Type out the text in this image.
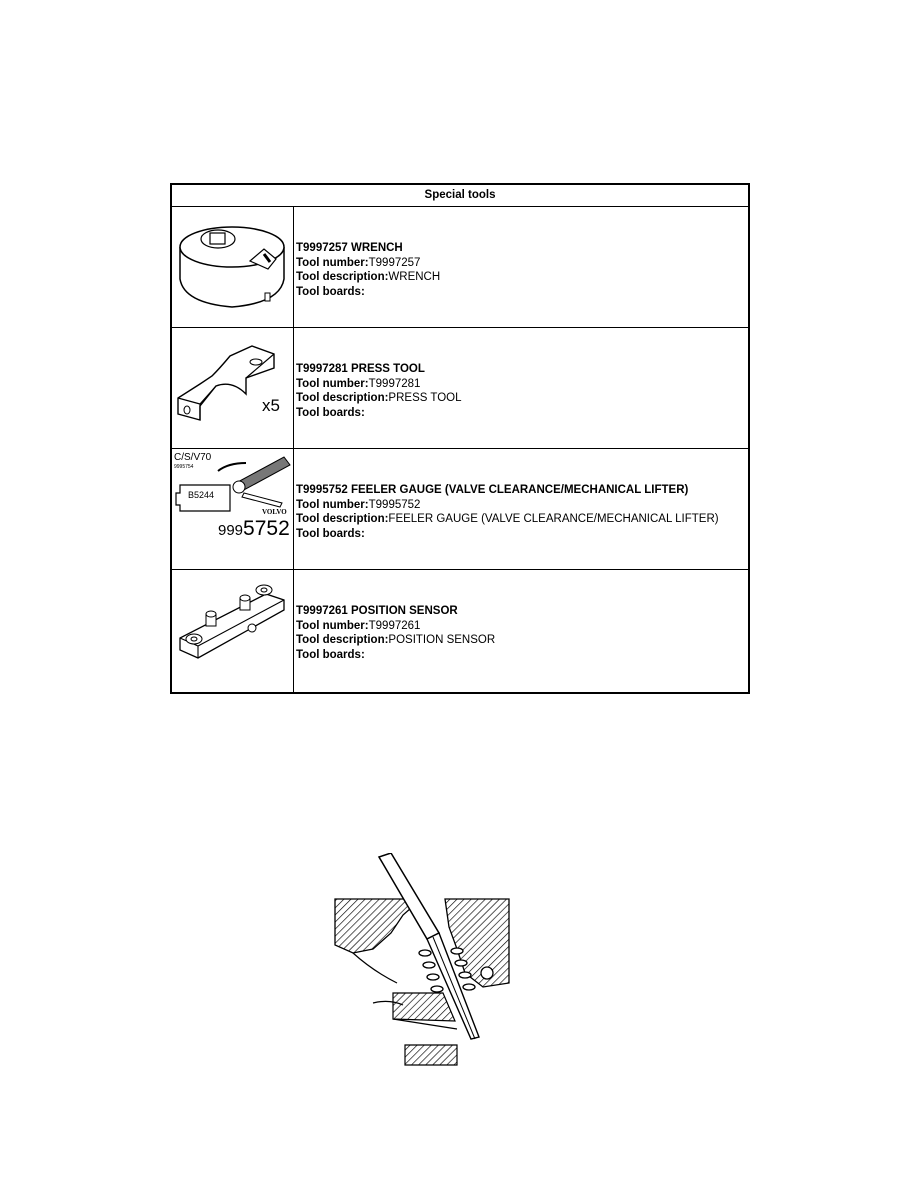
Special tools
T9997257 WRENCH
Tool number:T9997257
Tool description:WRENCH
Tool boards:
x5
T9997281 PRESS TOOL
Tool number:T9997281
Tool description:PRESS TOOL
Tool boards:
C/S/V70
9995754
B5244
VOLVO
9995752
T9995752 FEELER GAUGE (VALVE CLEARANCE/MECHANICAL LIFTER)
Tool number:T9995752
Tool description:FEELER GAUGE (VALVE CLEARANCE/MECHANICAL LIFTER)
Tool boards:
T9997261 POSITION SENSOR
Tool number:T9997261
Tool description:POSITION SENSOR
Tool boards:
